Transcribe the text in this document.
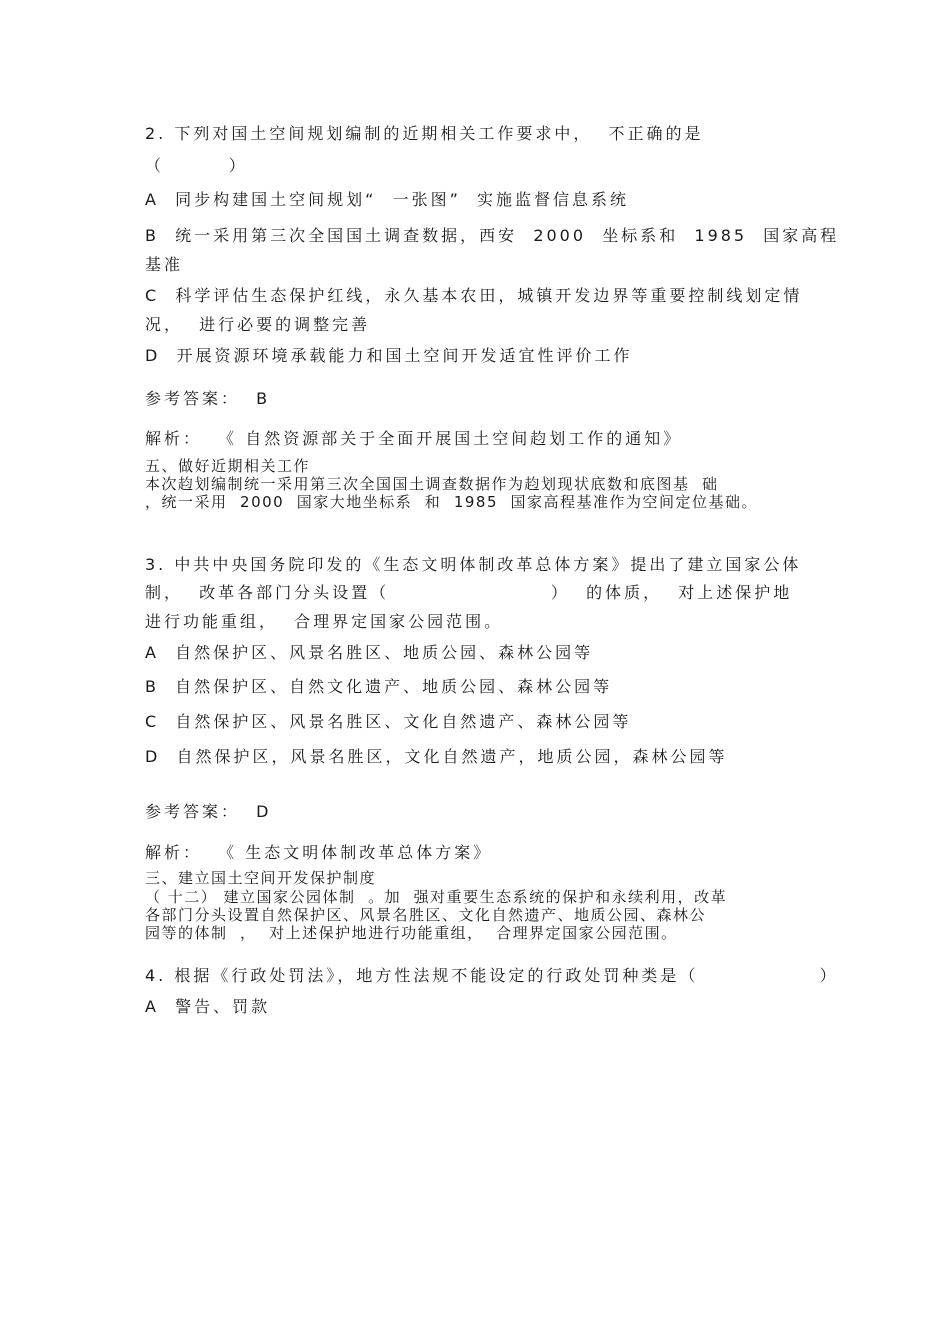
2. 下列对国土空间规划编制的近期相关工作要求中，  不正确的是
（        ）
A  同步构建国土空间规划“  一张图”  实施监督信息系统
B  统一采用第三次全国国土调查数据，西安  2000  坐标系和  1985  国家高程
基准
C  科学评估生态保护红线，永久基本农田，城镇开发边界等重要控制线划定情
况，  进行必要的调整完善
D  开展资源环境承载能力和国土空间开发适宜性评价工作
参考答案：  B
解析：  《 自然资源部关于全面开展国土空间赹划工作的通知》
五、做好近期相关工作
本次赹划编制统一采用第三次全国国土调查数据作为赹划现状底数和底图基  础
，统一采用  2000  国家大地坐标系  和  1985  国家高程基准作为空间定位基础。
3. 中共中央国务院印发的《生态文明体制改革总体方案》提出了建立国家公体
制，  改革各部门分头设置（                    ）  的体质，  对上述保护地
进行功能重组，  合理界定国家公园范围。
A  自然保护区、风景名胜区、地质公园、森林公园等
B  自然保护区、自然文化遗产、地质公园、森林公园等
C  自然保护区、风景名胜区、文化自然遗产、森林公园等
D  自然保护区，风景名胜区，文化自然遗产，地质公园，森林公园等
参考答案：  D
解析：  《 生态文明体制改革总体方案》
三、建立国土空间开发保护制度
（ 十二） 建立国家公园体制  。加  强对重要生态系统的保护和永续利用，改革
各部门分头设置自然保护区、风景名胜区、文化自然遗产、地质公园、森林公
园等的体制  ，  对上述保护地进行功能重组，  合理界定国家公园范围。
4. 根据《行政处罚法》，地方性法规不能设定的行政处罚种类是（               ）
A  警告、罚款
